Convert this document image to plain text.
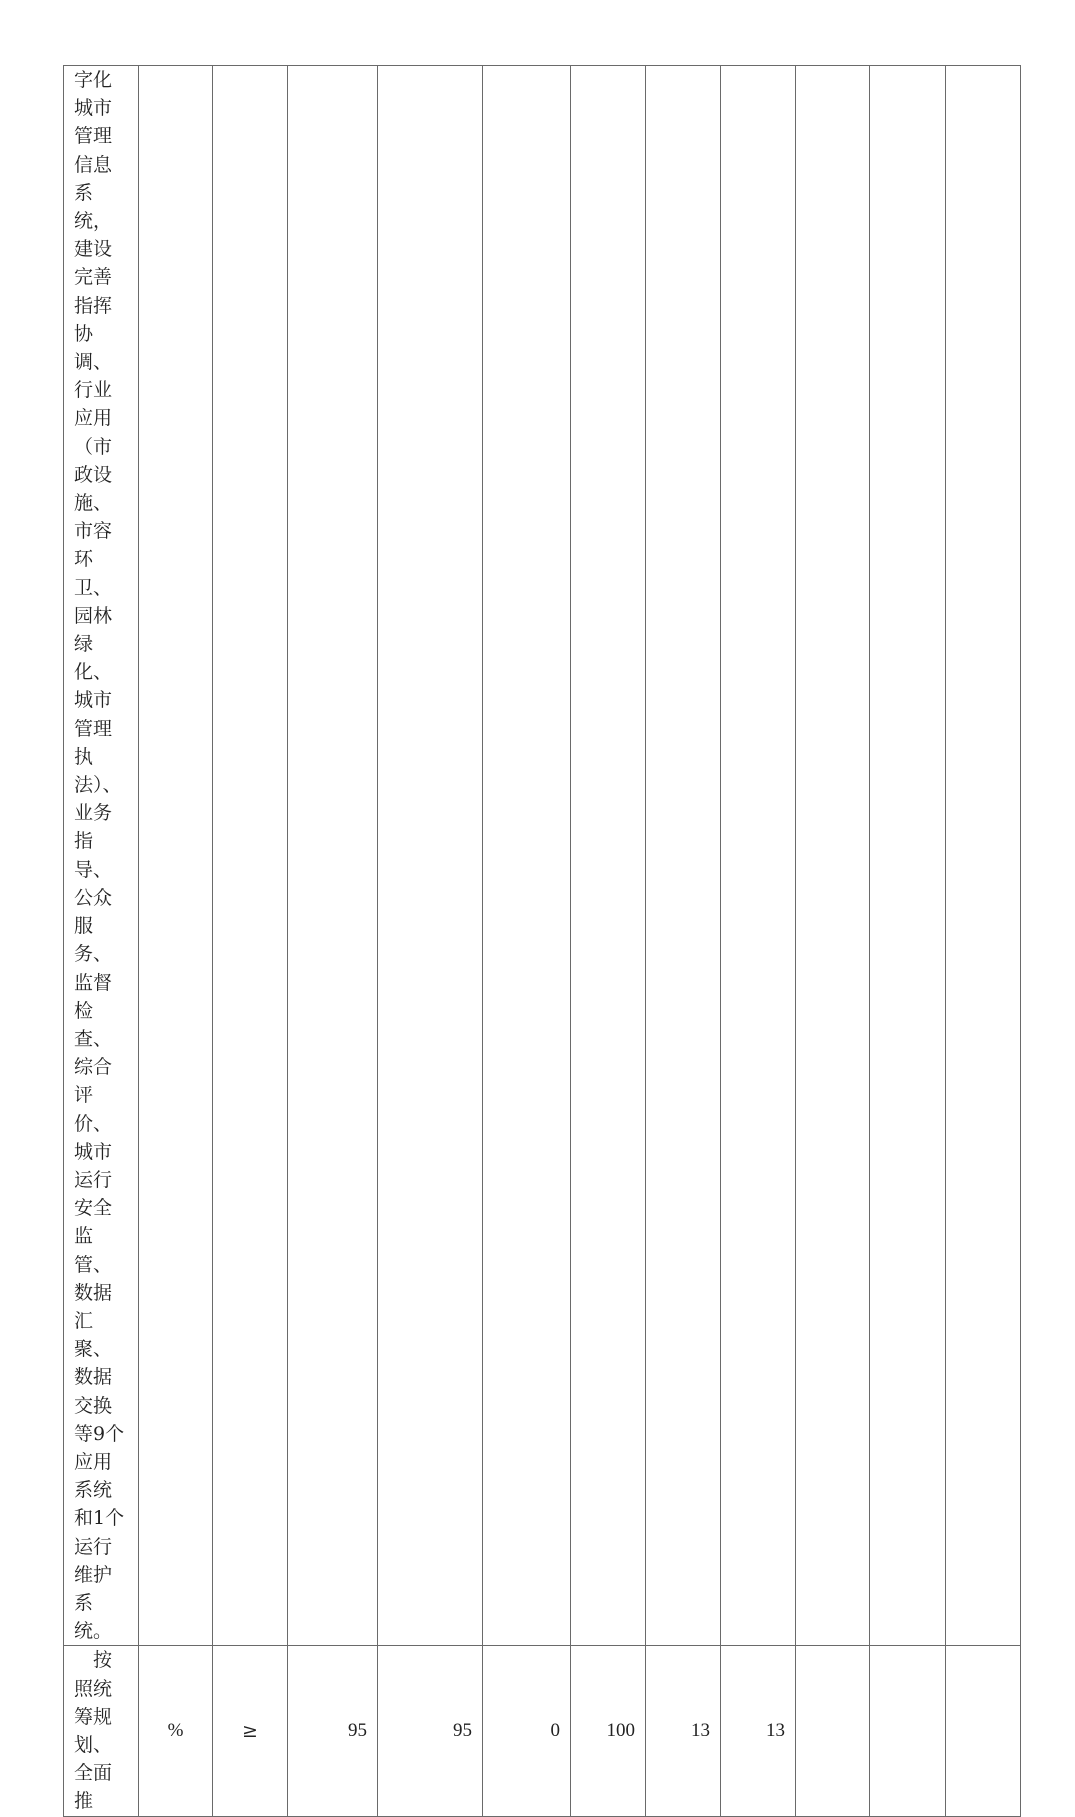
字化城市管理信息系统，建设完善指挥协调、行业应用（市政设施、市容环卫、园林绿化、城市管理执法）、业务指导、公众服务、监督检查、综合评价、城市运行安全监管、数据汇聚、数据交换等9个应用系统和1个运行维护系统。											

按照统筹规划、全面推	%	≥	95	95	0	100	13	13			
